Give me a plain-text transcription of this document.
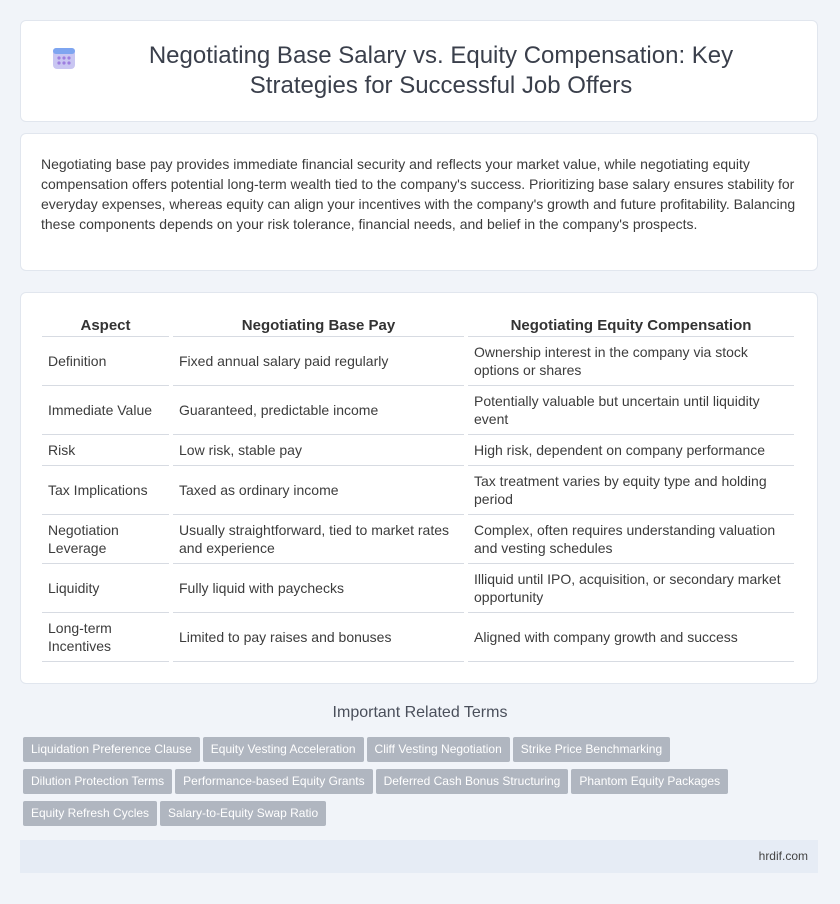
Negotiating Base Salary vs. Equity Compensation: Key Strategies for Successful Job Offers

Negotiating base pay provides immediate financial security and reflects your market value, while negotiating equity compensation offers potential long-term wealth tied to the company's success. Prioritizing base salary ensures stability for everyday expenses, whereas equity can align your incentives with the company's growth and future profitability. Balancing these components depends on your risk tolerance, financial needs, and belief in the company's prospects.

Aspect	Negotiating Base Pay	Negotiating Equity Compensation
Definition	Fixed annual salary paid regularly	Ownership interest in the company via stock options or shares
Immediate Value	Guaranteed, predictable income	Potentially valuable but uncertain until liquidity event
Risk	Low risk, stable pay	High risk, dependent on company performance
Tax Implications	Taxed as ordinary income	Tax treatment varies by equity type and holding period
Negotiation Leverage	Usually straightforward, tied to market rates and experience	Complex, often requires understanding valuation and vesting schedules
Liquidity	Fully liquid with paychecks	Illiquid until IPO, acquisition, or secondary market opportunity
Long-term Incentives	Limited to pay raises and bonuses	Aligned with company growth and success
Important Related Terms
Liquidation Preference Clause Equity Vesting Acceleration Cliff Vesting Negotiation Strike Price Benchmarking
Dilution Protection Terms Performance-based Equity Grants Deferred Cash Bonus Structuring Phantom Equity Packages
Equity Refresh Cycles Salary-to-Equity Swap Ratio
hrdif.com
